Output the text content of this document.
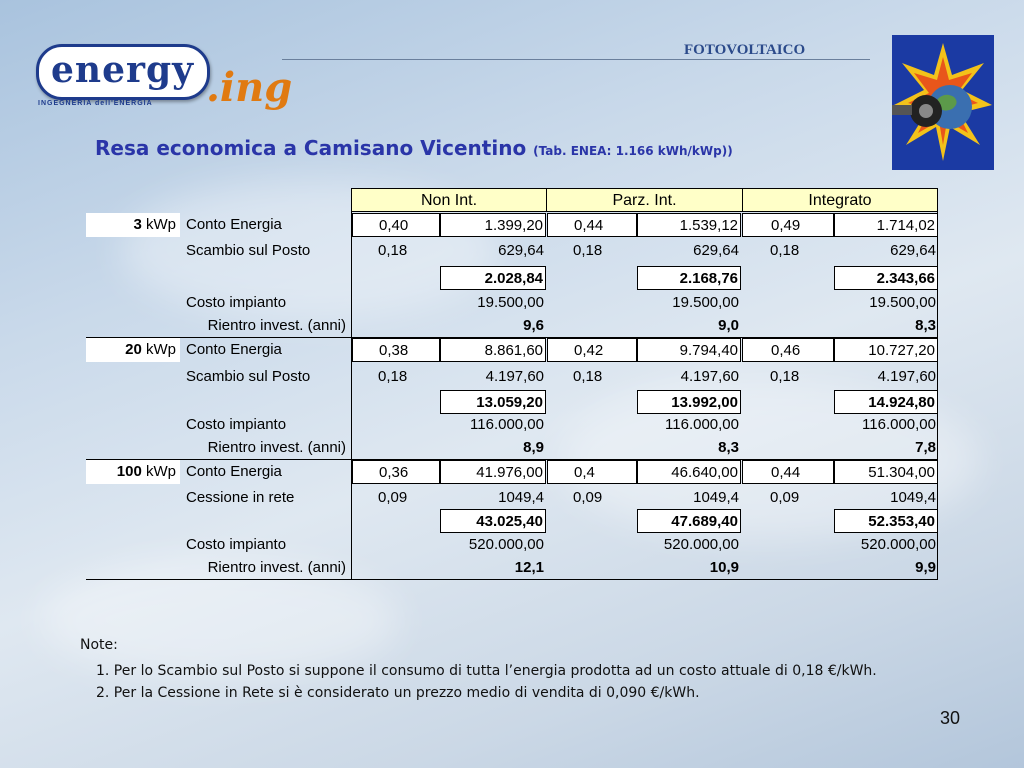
energy .ing
INGEGNERIA dell'ENERGIA
FOTOVOLTAICO
Resa economica a Camisano Vicentino (Tab. ENEA: 1.166 kWh/kWp))
Non Int.	Parz. Int.	Integrato
3 kWp Conto Energia	0,40	1.399,20	0,44	1.539,12	0,49	1.714,02
Scambio sul Posto	0,18	629,64	0,18	629,64	0,18	629,64
2.028,84	2.168,76	2.343,66
Costo impianto	19.500,00	19.500,00	19.500,00
Rientro invest. (anni)	9,6	9,0	8,3
20 kWp Conto Energia	0,38	8.861,60	0,42	9.794,40	0,46	10.727,20
Scambio sul Posto	0,18	4.197,60	0,18	4.197,60	0,18	4.197,60
13.059,20	13.992,00	14.924,80
Costo impianto	116.000,00	116.000,00	116.000,00
Rientro invest. (anni)	8,9	8,3	7,8
100 kWp Conto Energia	0,36	41.976,00	0,4	46.640,00	0,44	51.304,00
Cessione in rete	0,09	1049,4	0,09	1049,4	0,09	1049,4
43.025,40	47.689,40	52.353,40
Costo impianto	520.000,00	520.000,00	520.000,00
Rientro invest. (anni)	12,1	10,9	9,9
Note:
1. Per lo Scambio sul Posto si suppone il consumo di tutta l’energia prodotta ad un costo attuale di 0,18 €/kWh.
2. Per la Cessione in Rete si è considerato un prezzo medio di vendita di 0,090 €/kWh.
30
